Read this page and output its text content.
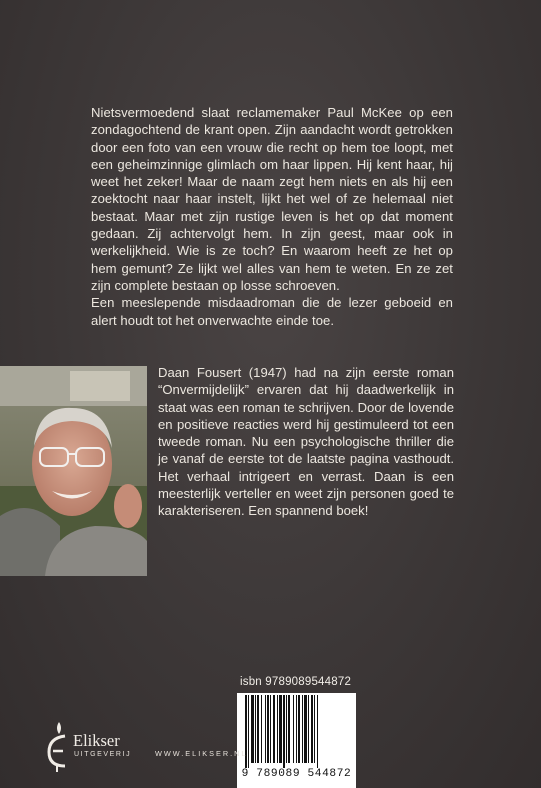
Nietsvermoedend slaat reclamemaker Paul McKee op een zondagochtend de krant open. Zijn aandacht wordt getrokken door een foto van een vrouw die recht op hem toe loopt, met een geheimzinnige glimlach om haar lippen. Hij kent haar, hij weet het zeker! Maar de naam zegt hem niets en als hij een zoektocht naar haar instelt, lijkt het wel of ze helemaal niet bestaat. Maar met zijn rustige leven is het op dat moment gedaan. Zij achtervolgt hem. In zijn geest, maar ook in werkelijkheid. Wie is ze toch? En waarom heeft ze het op hem gemunt? Ze lijkt wel alles van hem te weten. En ze zet zijn complete bestaan op losse schroeven.

Een meeslepende misdaadroman die de lezer geboeid en alert houdt tot het onverwachte einde toe.

Daan Fousert (1947) had na zijn eerste roman “Onvermijdelijk” ervaren dat hij daadwerkelijk in staat was een roman te schrijven. Door de lovende en positieve reacties werd hij gestimuleerd tot een tweede roman. Nu een psychologische thriller die je vanaf de eerste tot de laatste pagina vasthoudt. Het verhaal intrigeert en verrast. Daan is een meesterlijk verteller en weet zijn personen goed te karakteriseren. Een spannend boek!
isbn 9789089544872
9 789089 544872
Elikser
UITGEVERIJ	WWW.ELIKSER.NL
